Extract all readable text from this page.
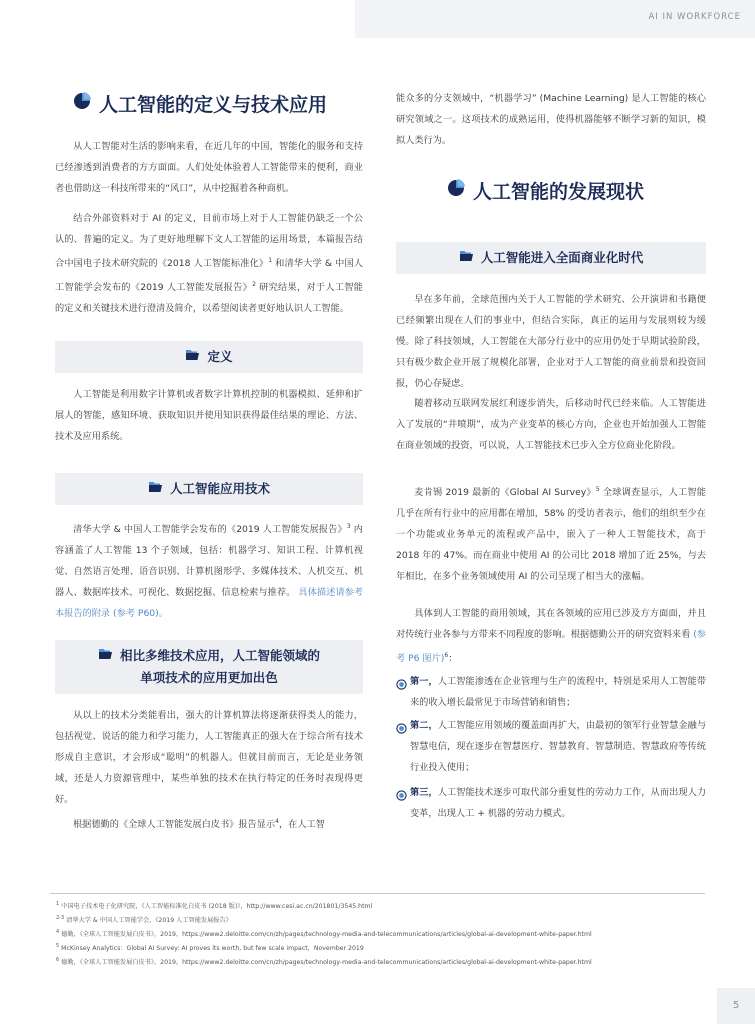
AI IN WORKFORCE
人工智能的定义与技术应用
从人工智能对生活的影响来看，在近几年的中国，智能化的服务和支持已经渗透到消费者的方方面面。人们处处体验着人工智能带来的便利，商业者也借助这一科技所带来的“风口”，从中挖掘着各种商机。
结合外部资料对于 AI 的定义，目前市场上对于人工智能仍缺乏一个公认的、普遍的定义。为了更好地理解下文人工智能的运用场景，本篇报告结合中国电子技术研究院的《2018 人工智能标准化》$^1$ 和清华大学 & 中国人工智能学会发布的《2019 人工智能发展报告》$^2$ 研究结果，对于人工智能的定义和关键技术进行澄清及简介，以希望阅读者更好地认识人工智能。
定义
人工智能是利用数字计算机或者数字计算机控制的机器模拟、延伸和扩展人的智能，感知环境、获取知识并使用知识获得最佳结果的理论、方法、技术及应用系统。
人工智能应用技术
清华大学 & 中国人工智能学会发布的《2019 人工智能发展报告》$^3$ 内容涵盖了人工智能 13 个子领域，包括：机器学习、知识工程、计算机视觉、自然语言处理、语音识别、计算机图形学、多媒体技术、人机交互、机器人、数据库技术、可视化、数据挖掘、信息检索与推荐。 具体描述请参考本报告的附录 (参考 P60)。
相比多维技术应用，人工智能领域的
单项技术的应用更加出色
从以上的技术分类能看出，强大的计算机算法将逐渐获得类人的能力，包括视觉、说话的能力和学习能力，人工智能真正的强大在于综合所有技术形成自主意识，才会形成“聪明”的机器人。但就目前而言，无论是业务领域，还是人力资源管理中，某些单独的技术在执行特定的任务时表现得更好。
根据德勤的《全球人工智能发展白皮书》报告显示$^4$，在人工智
能众多的分支领域中，“机器学习” (Machine Learning) 是人工智能的核心研究领域之一。这项技术的成熟运用，使得机器能够不断学习新的知识，模拟人类行为。
人工智能的发展现状
人工智能进入全面商业化时代
早在多年前，全球范围内关于人工智能的学术研究、公开演讲和书籍便已经频繁出现在人们的事业中，但结合实际，真正的运用与发展则较为缓慢。除了科技领域，人工智能在大部分行业中的应用仍处于早期试验阶段，只有极少数企业开展了规模化部署，企业对于人工智能的商业前景和投资回报，仍心存疑虑。
随着移动互联网发展红利逐步消失，后移动时代已经来临。人工智能进入了发展的“井喷期”，成为产业变革的核心方向，企业也开始加强人工智能在商业领域的投资，可以说，人工智能技术已步入全方位商业化阶段。
麦肯锡 2019 最新的《Global AI Survey》$^5$ 全球调查显示，人工智能几乎在所有行业中的应用都在增加，58% 的受访者表示，他们的组织至少在一个功能或业务单元的流程或产品中，嵌入了一种人工智能技术，高于 2018 年的 47%。而在商业中使用 AI 的公司比 2018 增加了近 25%，与去年相比，在多个业务领域使用 AI 的公司呈现了相当大的涨幅。
具体到人工智能的商用领域，其在各领域的应用已涉及方方面面，并且对传统行业各参与方带来不同程度的影响。根据德勤公开的研究资料来看 (参考 P6 图片)$^6$：
第一，人工智能渗透在企业管理与生产的流程中，特别是采用人工智能带来的收入增长最常见于市场营销和销售；
第二，人工智能应用领域的覆盖面再扩大，由最初的领军行业智慧金融与智慧电信，现在逐步在智慧医疗、智慧教育、智慧制造、智慧政府等传统行业投入使用；
第三，人工智能技术逐步可取代部分重复性的劳动力工作，从而出现人力变革，出现人工 + 机器的劳动力模式。
$^1$ 中国电子技术电子化研究院，《人工智能标准化白皮书 (2018 版)》，http://www.cesi.ac.cn/201801/3545.html
$^{2-3}$ 清华大学 & 中国人工智能学会，《2019 人工智能发展报告》
$^4$ 德勤，《全球人工智能发展白皮书》，2019，https://www2.deloitte.com/cn/zh/pages/technology-media-and-telecommunications/articles/global-ai-development-white-paper.html
$^5$ McKinsey Analytics：Global AI Survey: AI proves its worth, but few scale impact，November 2019
$^6$ 德勤，《全球人工智能发展白皮书》，2019，https://www2.deloitte.com/cn/zh/pages/technology-media-and-telecommunications/articles/global-ai-development-white-paper.html
5
